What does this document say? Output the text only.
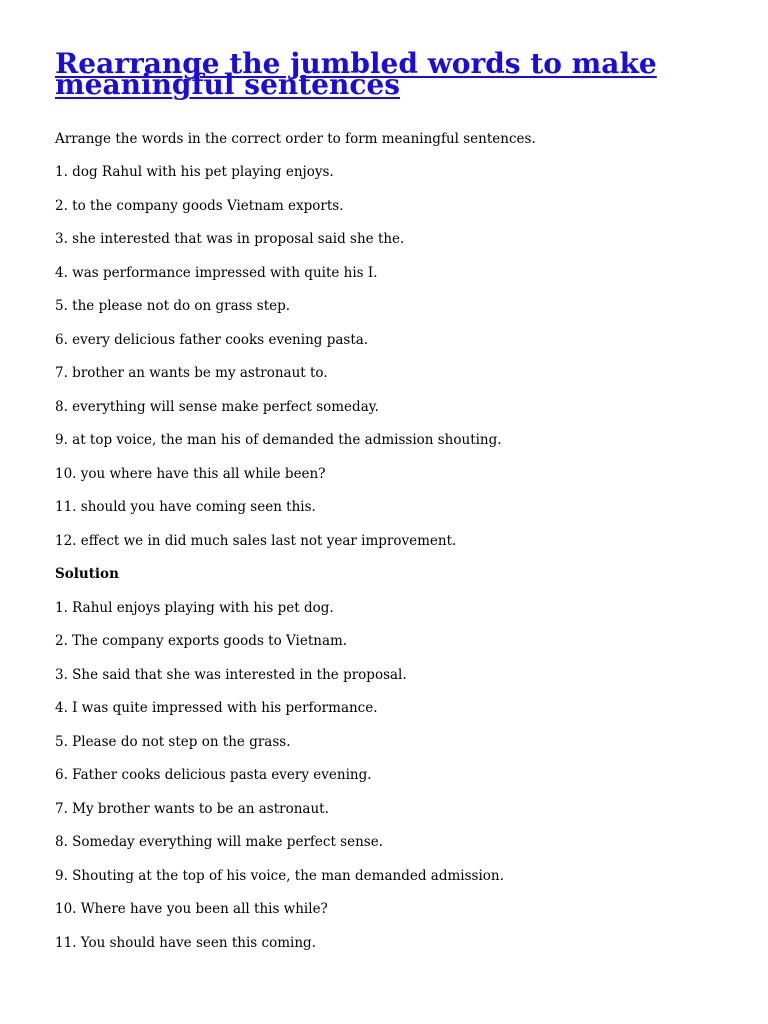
Rearrange the jumbled words to make meaningful sentences

Arrange the words in the correct order to form meaningful sentences.

1. dog Rahul with his pet playing enjoys.
2. to the company goods Vietnam exports.
3. she interested that was in proposal said she the.
4. was performance impressed with quite his I.
5. the please not do on grass step.
6. every delicious father cooks evening pasta.
7. brother an wants be my astronaut to.
8. everything will sense make perfect someday.
9. at top voice, the man his of demanded the admission shouting.
10. you where have this all while been?
11. should you have coming seen this.
12. effect we in did much sales last not year improvement.
Solution
1. Rahul enjoys playing with his pet dog.
2. The company exports goods to Vietnam.
3. She said that she was interested in the proposal.
4. I was quite impressed with his performance.
5. Please do not step on the grass.
6. Father cooks delicious pasta every evening.
7. My brother wants to be an astronaut.
8. Someday everything will make perfect sense.
9. Shouting at the top of his voice, the man demanded admission.
10. Where have you been all this while?
11. You should have seen this coming.
